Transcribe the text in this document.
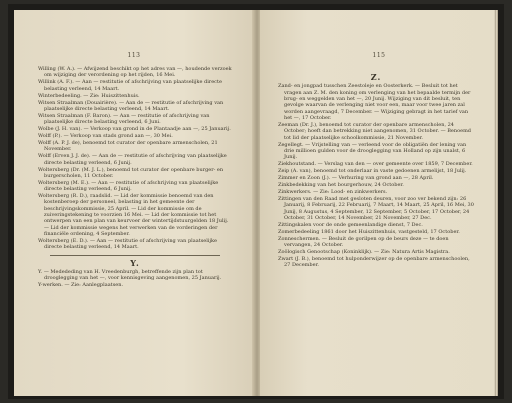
113

Willing (W. A.). — Afwijzend beschikt op het adres van —, houdende verzoek om wijziging der verordening op het rijden, 16 Mei.

Willink (A. F.). — Aan — restitutie of afschrijving van plaatselijke directe belasting verleend, 14 Maart.

Winterbedeeling. — Zie: Huiszittenhuis.

Witsen Straalman (Douairière). — Aan de — restitutie of afschrijving van plaatselijke directe belasting verleend, 14 Maart.

Witsen Straalman (F. Baron). — Aan — restitutie of afschrijving van plaatselijke directe belasting verleend, 6 Juni.

Wolbe (J. H. van). — Verkoop van grond in de Plantaadje aan —, 25 Januarij.

Wolff (P.). — Verkoop van stads grond aan —, 30 Mei.

Wolff (A. P. J. de), benoemd tot curator der openbare armenscholen, 21 November.

Wolff (Erven J. J. de). — Aan de — restitutie of afschrijving van plaatselijke directe belasting verleend, 6 Junij.

Woltersberg (Dr. (M. J. L.), benoemd tot curator der openbare burger- en burgerscholen, 11 October.

Woltersberg (M. E.). — Aan — restitutie of afschrijving van plaatselijke directe belasting verleend, 6 Junij.

Woltersberg (R. D.), raadslid. — Lid der kommissie benoemd van den kostenberoep der personeel, belasting in het gemeente der beschrijvingskommissie, 25 April. — Lid der kommissie om de zuiveringstekening te voorzien 16 Mei. — Lid der kommissie tot het ontwerpen van een plan van keurvoer der wintertijdstuurgelden 18 Julij. — Lid der kommissie wegens het verwerken van de vorderingen der financiële ordening, 4 September.

Woltersberg (E. D.). — Aan — restitutie of afschrijving van plaatselijke directe belasting verleend, 14 Maart.

Y.

Y. — Medededing van H. Vreedenburgh, betreffende zijn plan tot drooglegging van het —, voor kennisgeving aangenomen, 25 Januarij.

Y-werken. — Zie: Aanlegplaatsen.

115
Z.

Zand- en jongpad tusschen Zeestoleje en Oosterkerk. — Besluit tot het vragen aan Z. M. den koning om verlenging van het bepaalde termijn der brug- en weggelden van het —, 20 Junij. Wijziging van dit besluit, ten gevolge waarvan de verlenging niet voor een, maar voor twee jaren zal worden aangevraagd, 7 December. — Wijziging gebragt in het tarief van het —, 17 October.

Zeeman (Dr. J.), benoemd tot curator der openbare armenscholen, 24 October; hoeft dan betrekking niet aangenomen, 31 October. — Benoemd tot lid der plaatselijke schoolkommissie, 21 November.

Zegellegt. — Vrijstelling van — verleend voor de obligatiën der lening van drie millioen gulden voor de drooglegging van Holland op zijn unalst, 6 Junij.

Ziekhoutstand. — Verslag van den — over gemeente over 1859, 7 December.

Zeip (A. van), benoemd tot onderlaar in vaste gedoenen armelijst, 18 Julij.

Zimmer en Zoon (J.). — Verhuring van grond aan —, 28 April.

Zinkbedekking van het bourgerhouw, 24 October.

Zinkwerkers. — Zie: Lood- en zinkwerkers.

Zittingen van den Raad met gesloten deuren, voor zoo ver bekend zijn: 26 Januarij, 8 Februarij, 22 Februarij, 7 Maart, 14 Maart, 25 April, 16 Mei, 30 Junij, 8 Augustus, 4 September, 12 September, 5 October, 17 October, 24 October, 31 October, 14 November, 21 November, 27 Dec.

Zittingskalen voor de onde gemeenlandige dienst, 7 Dec.

Zomerbedeeling 1861 door het Huiszittenhuis, vastgesteld, 17 October.

Zonneschermen. — Besluit de gorilpen op de beurs deze — te doen vervangen, 24 October.

Zoölogisch Genootschap (Koninklijk). — Zie: Natura Artis Magistra.

Zwart (J. B.), benoemd tot hulponderwijzer op de openbare armenschoolen, 27 December.
